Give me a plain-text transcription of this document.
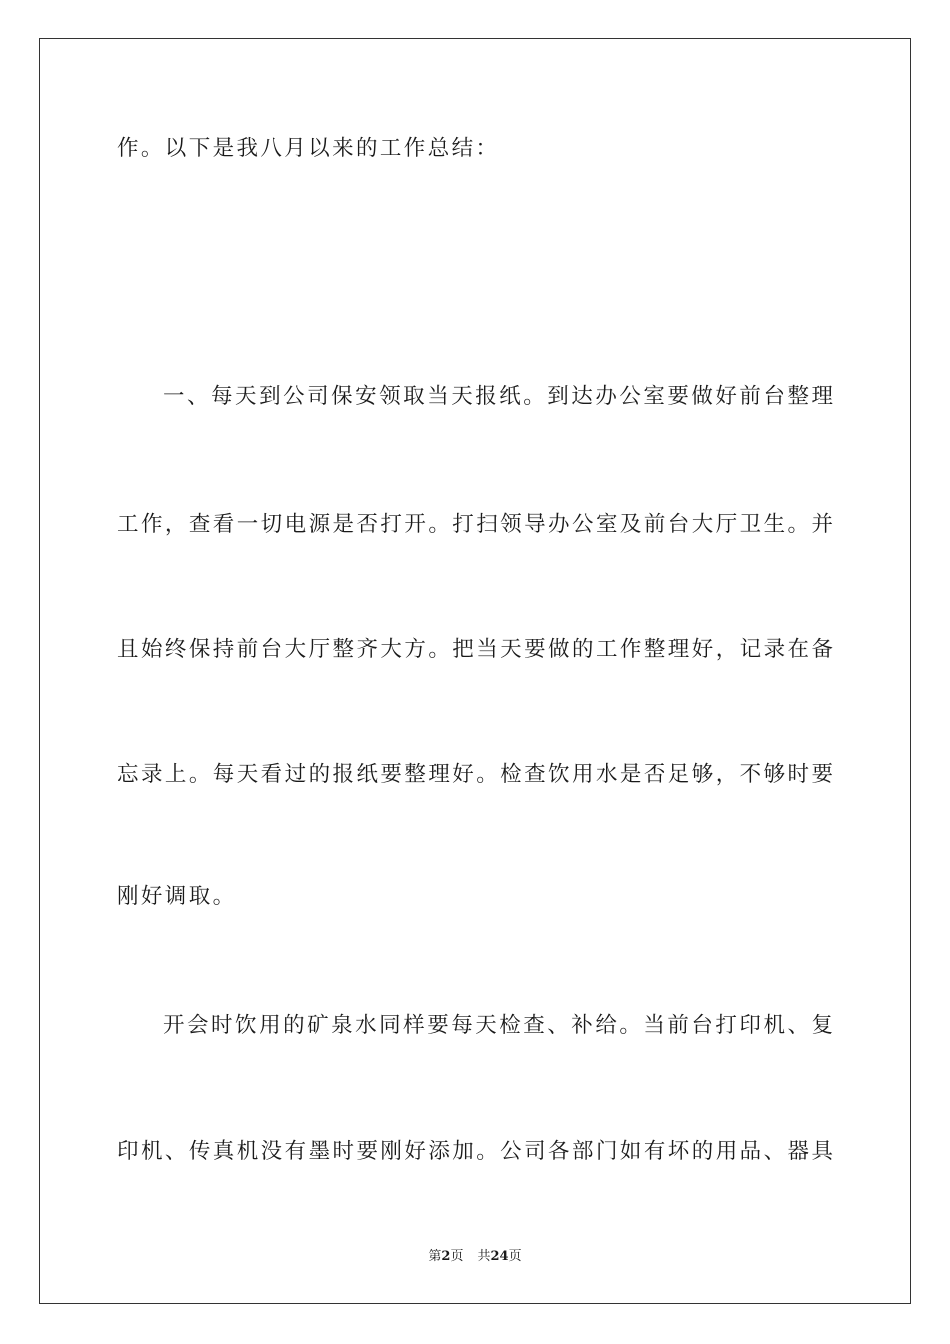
作。以下是我八月以来的工作总结：
一、每天到公司保安领取当天报纸。到达办公室要做好前台整理
工作，查看一切电源是否打开。打扫领导办公室及前台大厅卫生。并
且始终保持前台大厅整齐大方。把当天要做的工作整理好，记录在备
忘录上。每天看过的报纸要整理好。检查饮用水是否足够，不够时要
刚好调取。
开会时饮用的矿泉水同样要每天检查、补给。当前台打印机、复
印机、传真机没有墨时要刚好添加。公司各部门如有坏的用品、器具
第2页 共24页
